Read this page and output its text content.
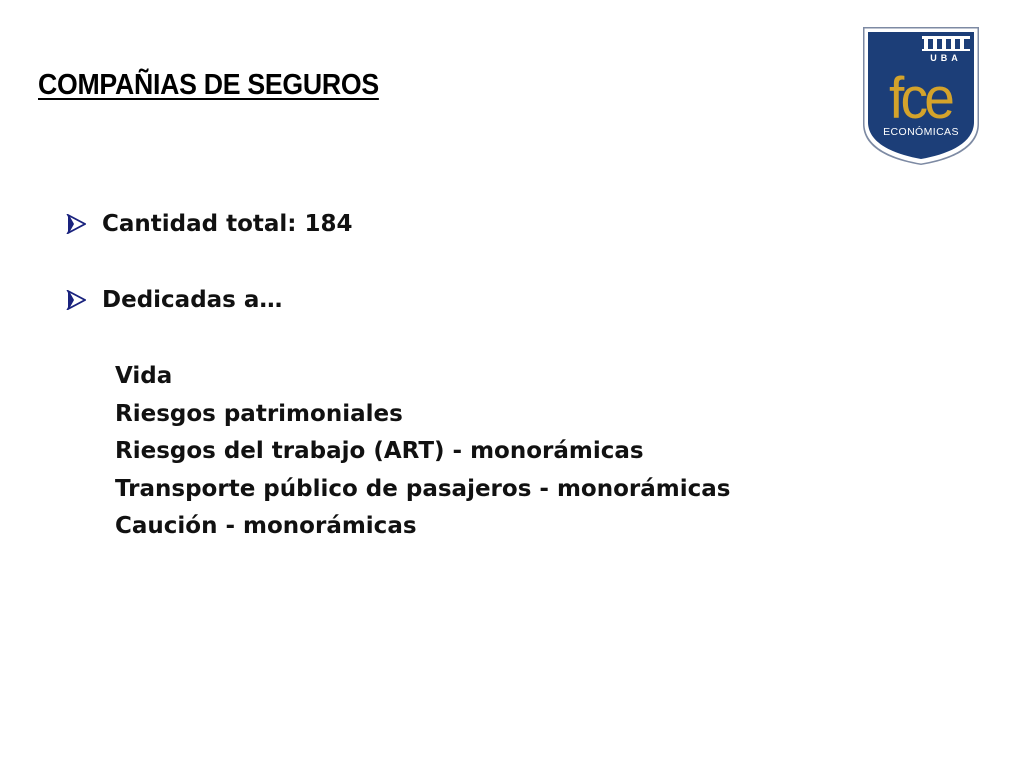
COMPAÑIAS DE SEGUROS
UBA
fce
ECONÓMICAS
Cantidad total: 184
Dedicadas a…
Vida
Riesgos patrimoniales
Riesgos del trabajo (ART) - monorámicas
Transporte público de pasajeros - monorámicas
Caución - monorámicas
